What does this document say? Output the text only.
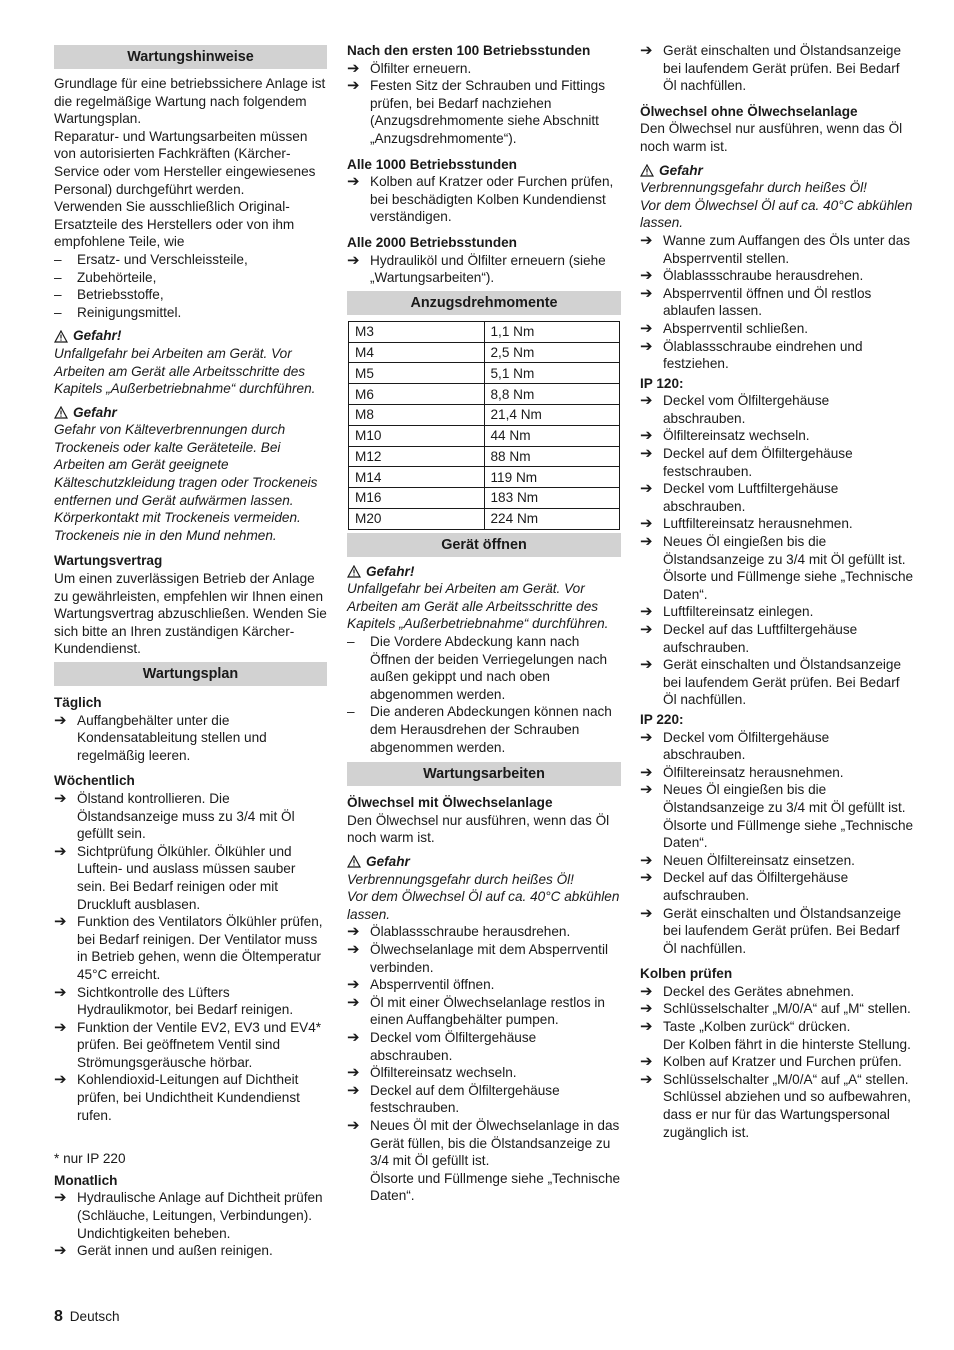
Wartungshinweise

Grundlage für eine betriebssichere Anlage ist die regelmäßige Wartung nach folgendem Wartungsplan.

Reparatur- und Wartungsarbeiten müssen von autorisierten Fachkräften (Kärcher-Service oder vom Hersteller eingewiesenes Personal) durchgeführt werden.

Verwenden Sie ausschließlich Original-Ersatzteile des Herstellers oder von ihm empfohlene Teile, wie

–	Ersatz- und Verschleissteile,
–	Zubehörteile,
–	Betriebsstoffe,
–	Reinigungsmittel.
Gefahr!

Unfallgefahr bei Arbeiten am Gerät. Vor Arbeiten am Gerät alle Arbeitsschritte des Kapitels „Außerbetriebnahme“ durchführen.

Gefahr

Gefahr von Kälteverbrennungen durch Trockeneis oder kalte Geräteteile. Bei Arbeiten am Gerät geeignete Kälteschutzkleidung tragen oder Trockeneis entfernen und Gerät aufwärmen lassen.

Körperkontakt mit Trockeneis vermeiden. Trockeneis nie in den Mund nehmen.

Wartungsvertrag

Um einen zuverlässigen Betrieb der Anlage zu gewährleisten, empfehlen wir Ihnen einen Wartungsvertrag abzuschließen. Wenden Sie sich bitte an Ihren zuständigen Kärcher-Kundendienst.

Wartungsplan
Täglich
➔ Auffangbehälter unter die Kondensatableitung stellen und regelmäßig leeren.
Wöchentlich
➔ Ölstand kontrollieren. Die Ölstandsanzeige muss zu 3/4 mit Öl gefüllt sein.
➔ Sichtprüfung Ölkühler. Ölkühler und Luftein- und auslass müssen sauber sein. Bei Bedarf reinigen oder mit Druckluft ausblasen.
➔ Funktion des Ventilators Ölkühler prüfen, bei Bedarf reinigen. Der Ventilator muss in Betrieb gehen, wenn die Öltemperatur 45°C erreicht.
➔ Sichtkontrolle des Lüfters Hydraulikmotor, bei Bedarf reinigen.
➔ Funktion der Ventile EV2, EV3 und EV4* prüfen. Bei geöffnetem Ventil sind Strömungsgeräusche hörbar.
➔ Kohlendioxid-Leitungen auf Dichtheit prüfen, bei Undichtheit Kundendienst rufen.

* nur IP 220

Monatlich
➔ Hydraulische Anlage auf Dichtheit prüfen (Schläuche, Leitungen, Verbindungen). Undichtigkeiten beheben.
➔ Gerät innen und außen reinigen.
Nach den ersten 100 Betriebsstunden
➔ Ölfilter erneuern.
➔ Festen Sitz der Schrauben und Fittings prüfen, bei Bedarf nachziehen (Anzugsdrehmomente siehe Abschnitt „Anzugsdrehmomente“).
Alle 1000 Betriebsstunden
➔ Kolben auf Kratzer oder Furchen prüfen, bei beschädigten Kolben Kundendienst verständigen.
Alle 2000 Betriebsstunden
➔ Hydrauliköl und Ölfilter erneuern (siehe „Wartungsarbeiten“).
Anzugsdrehmomente
M3	1,1 Nm
M4	2,5 Nm
M5	5,1 Nm
M6	8,8 Nm
M8	21,4 Nm
M10	44 Nm
M12	88 Nm
M14	119 Nm
M16	183 Nm
M20	224 Nm
Gerät öffnen
Gefahr!

Unfallgefahr bei Arbeiten am Gerät. Vor Arbeiten am Gerät alle Arbeitsschritte des Kapitels „Außerbetriebnahme“ durchführen.

–	Die Vordere Abdeckung kann nach Öffnen der beiden Verriegelungen nach außen gekippt und nach oben abgenommen werden.
–	Die anderen Abdeckungen können nach dem Herausdrehen der Schrauben abgenommen werden.
Wartungsarbeiten
Ölwechsel mit Ölwechselanlage

Den Ölwechsel nur ausführen, wenn das Öl noch warm ist.

Gefahr

Verbrennungsgefahr durch heißes Öl!

Vor dem Ölwechsel Öl auf ca. 40°C abkühlen lassen.

➔ Ölablassschraube herausdrehen.
➔ Ölwechselanlage mit dem Absperrventil verbinden.
➔ Absperrventil öffnen.
➔ Öl mit einer Ölwechselanlage restlos in einen Auffangbehälter pumpen.
➔ Deckel vom Ölfiltergehäuse abschrauben.
➔ Ölfiltereinsatz wechseln.
➔ Deckel auf dem Ölfiltergehäuse festschrauben.
➔ Neues Öl mit der Ölwechselanlage in das Gerät füllen, bis die Ölstandsanzeige zu 3/4 mit Öl gefüllt ist.

Ölsorte und Füllmenge siehe „Technische Daten“.

➔ Gerät einschalten und Ölstandsanzeige bei laufendem Gerät prüfen. Bei Bedarf Öl nachfüllen.
Ölwechsel ohne Ölwechselanlage

Den Ölwechsel nur ausführen, wenn das Öl noch warm ist.

Gefahr

Verbrennungsgefahr durch heißes Öl!

Vor dem Ölwechsel Öl auf ca. 40°C abkühlen lassen.

➔ Wanne zum Auffangen des Öls unter das Absperrventil stellen.
➔ Ölablassschraube herausdrehen.
➔ Absperrventil öffnen und Öl restlos ablaufen lassen.
➔ Absperrventil schließen.
➔ Ölablassschraube eindrehen und festziehen.
IP 120:
➔ Deckel vom Ölfiltergehäuse abschrauben.
➔ Ölfiltereinsatz wechseln.
➔ Deckel auf dem Ölfiltergehäuse festschrauben.
➔ Deckel vom Luftfiltergehäuse abschrauben.
➔ Luftfiltereinsatz herausnehmen.
➔ Neues Öl eingießen bis die Ölstandsanzeige zu 3/4 mit Öl gefüllt ist.

Ölsorte und Füllmenge siehe „Technische Daten“.

➔ Luftfiltereinsatz einlegen.
➔ Deckel auf das Luftfiltergehäuse aufschrauben.
➔ Gerät einschalten und Ölstandsanzeige bei laufendem Gerät prüfen. Bei Bedarf Öl nachfüllen.
IP 220:
➔ Deckel vom Ölfiltergehäuse abschrauben.
➔ Ölfiltereinsatz herausnehmen.
➔ Neues Öl eingießen bis die Ölstandsanzeige zu 3/4 mit Öl gefüllt ist.

Ölsorte und Füllmenge siehe „Technische Daten“.

➔ Neuen Ölfiltereinsatz einsetzen.
➔ Deckel auf das Ölfiltergehäuse aufschrauben.
➔ Gerät einschalten und Ölstandsanzeige bei laufendem Gerät prüfen. Bei Bedarf Öl nachfüllen.
Kolben prüfen
➔ Deckel des Gerätes abnehmen.
➔ Schlüsselschalter „M/0/A“ auf „M“ stellen.
➔ Taste „Kolben zurück“ drücken.

Der Kolben fährt in die hinterste Stellung.

➔ Kolben auf Kratzer und Furchen prüfen.
➔ Schlüsselschalter „M/0/A“ auf „A“ stellen. Schlüssel abziehen und so aufbewahren, dass er nur für das Wartungspersonal zugänglich ist.
8 Deutsch
